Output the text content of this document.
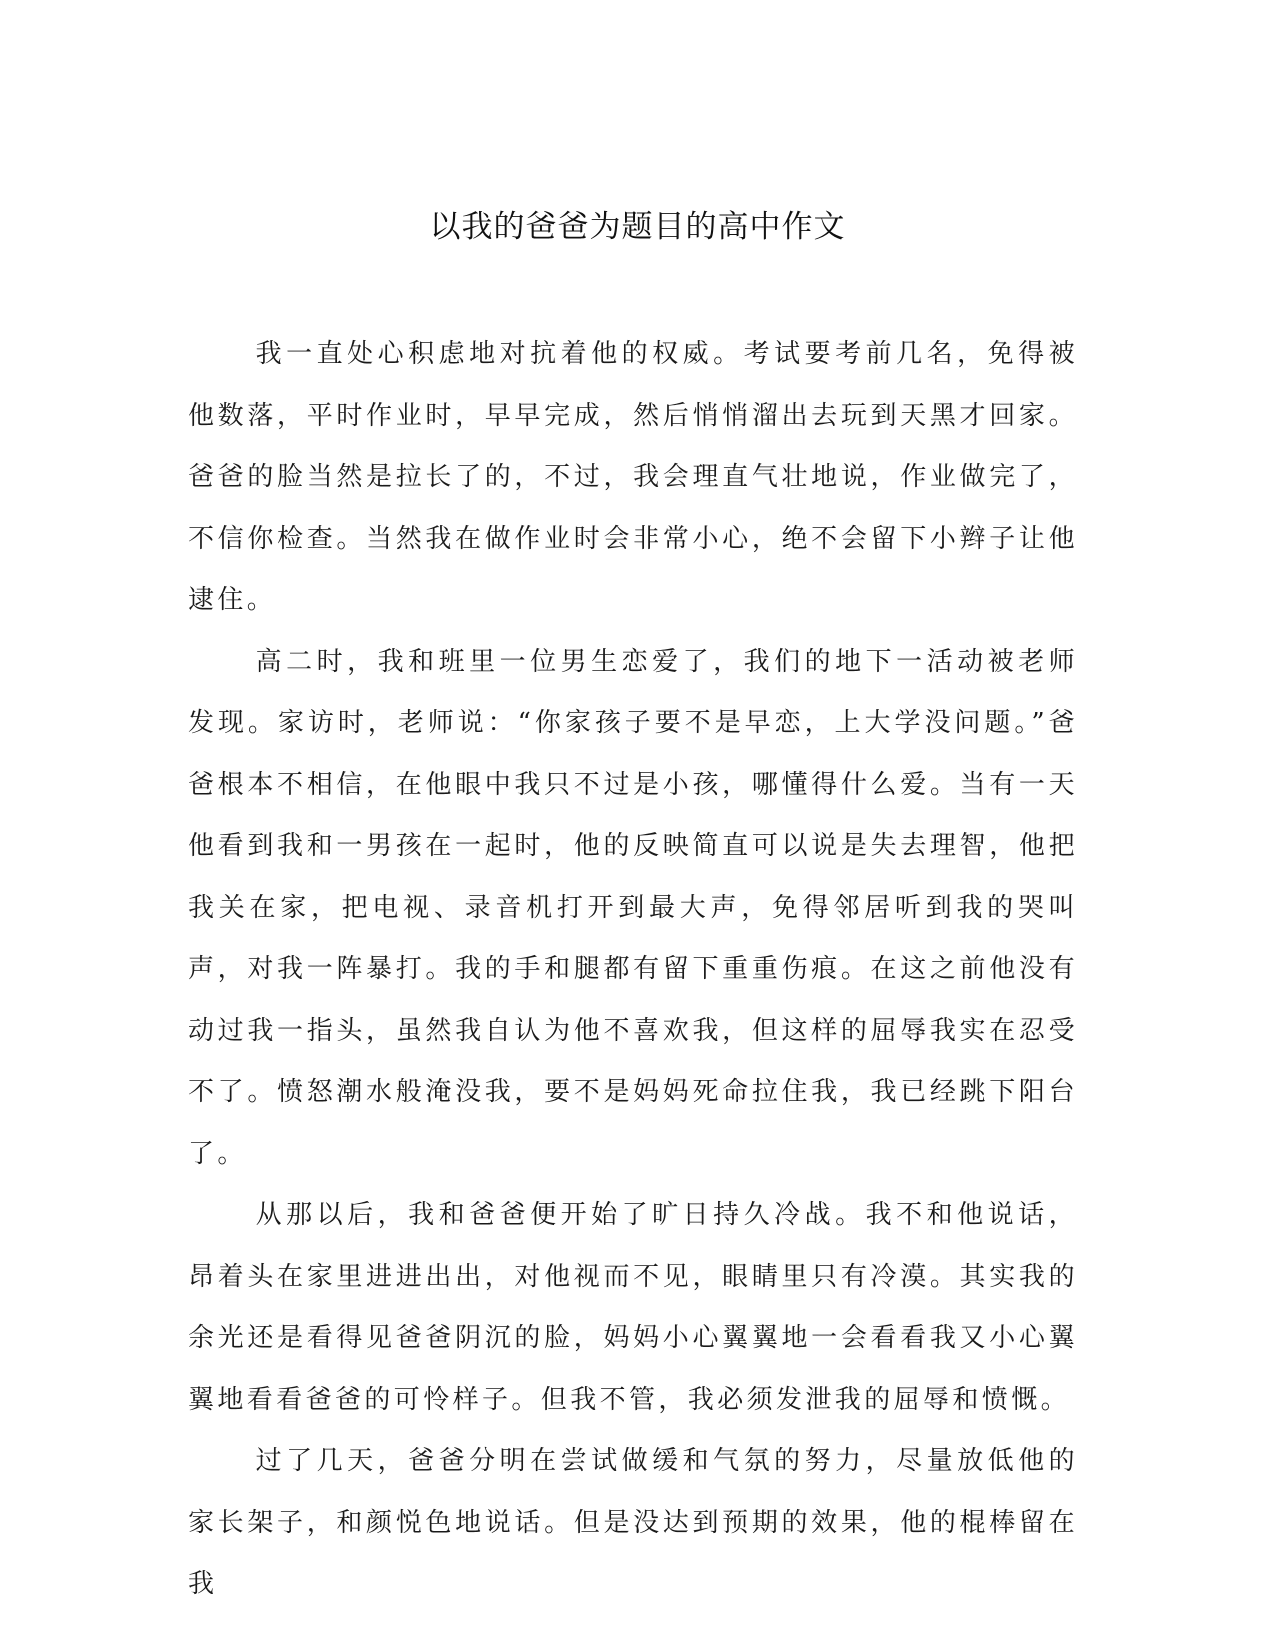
以我的爸爸为题目的高中作文

我一直处心积虑地对抗着他的权威。考试要考前几名，免得被他数落，平时作业时，早早完成，然后悄悄溜出去玩到天黑才回家。爸爸的脸当然是拉长了的，不过，我会理直气壮地说，作业做完了，不信你检查。当然我在做作业时会非常小心，绝不会留下小辫子让他逮住。

高二时，我和班里一位男生恋爱了，我们的地下一活动被老师发现。家访时，老师说：“你家孩子要不是早恋，上大学没问题。”爸爸根本不相信，在他眼中我只不过是小孩，哪懂得什么爱。当有一天他看到我和一男孩在一起时，他的反映简直可以说是失去理智，他把我关在家，把电视、录音机打开到最大声，免得邻居听到我的哭叫声，对我一阵暴打。我的手和腿都有留下重重伤痕。在这之前他没有动过我一指头，虽然我自认为他不喜欢我，但这样的屈辱我实在忍受不了。愤怒潮水般淹没我，要不是妈妈死命拉住我，我已经跳下阳台了。

从那以后，我和爸爸便开始了旷日持久冷战。我不和他说话，昂着头在家里进进出出，对他视而不见，眼睛里只有冷漠。其实我的余光还是看得见爸爸阴沉的脸，妈妈小心翼翼地一会看看我又小心翼翼地看看爸爸的可怜样子。但我不管，我必须发泄我的屈辱和愤慨。

过了几天，爸爸分明在尝试做缓和气氛的努力，尽量放低他的家长架子，和颜悦色地说话。但是没达到预期的效果，他的棍棒留在我
